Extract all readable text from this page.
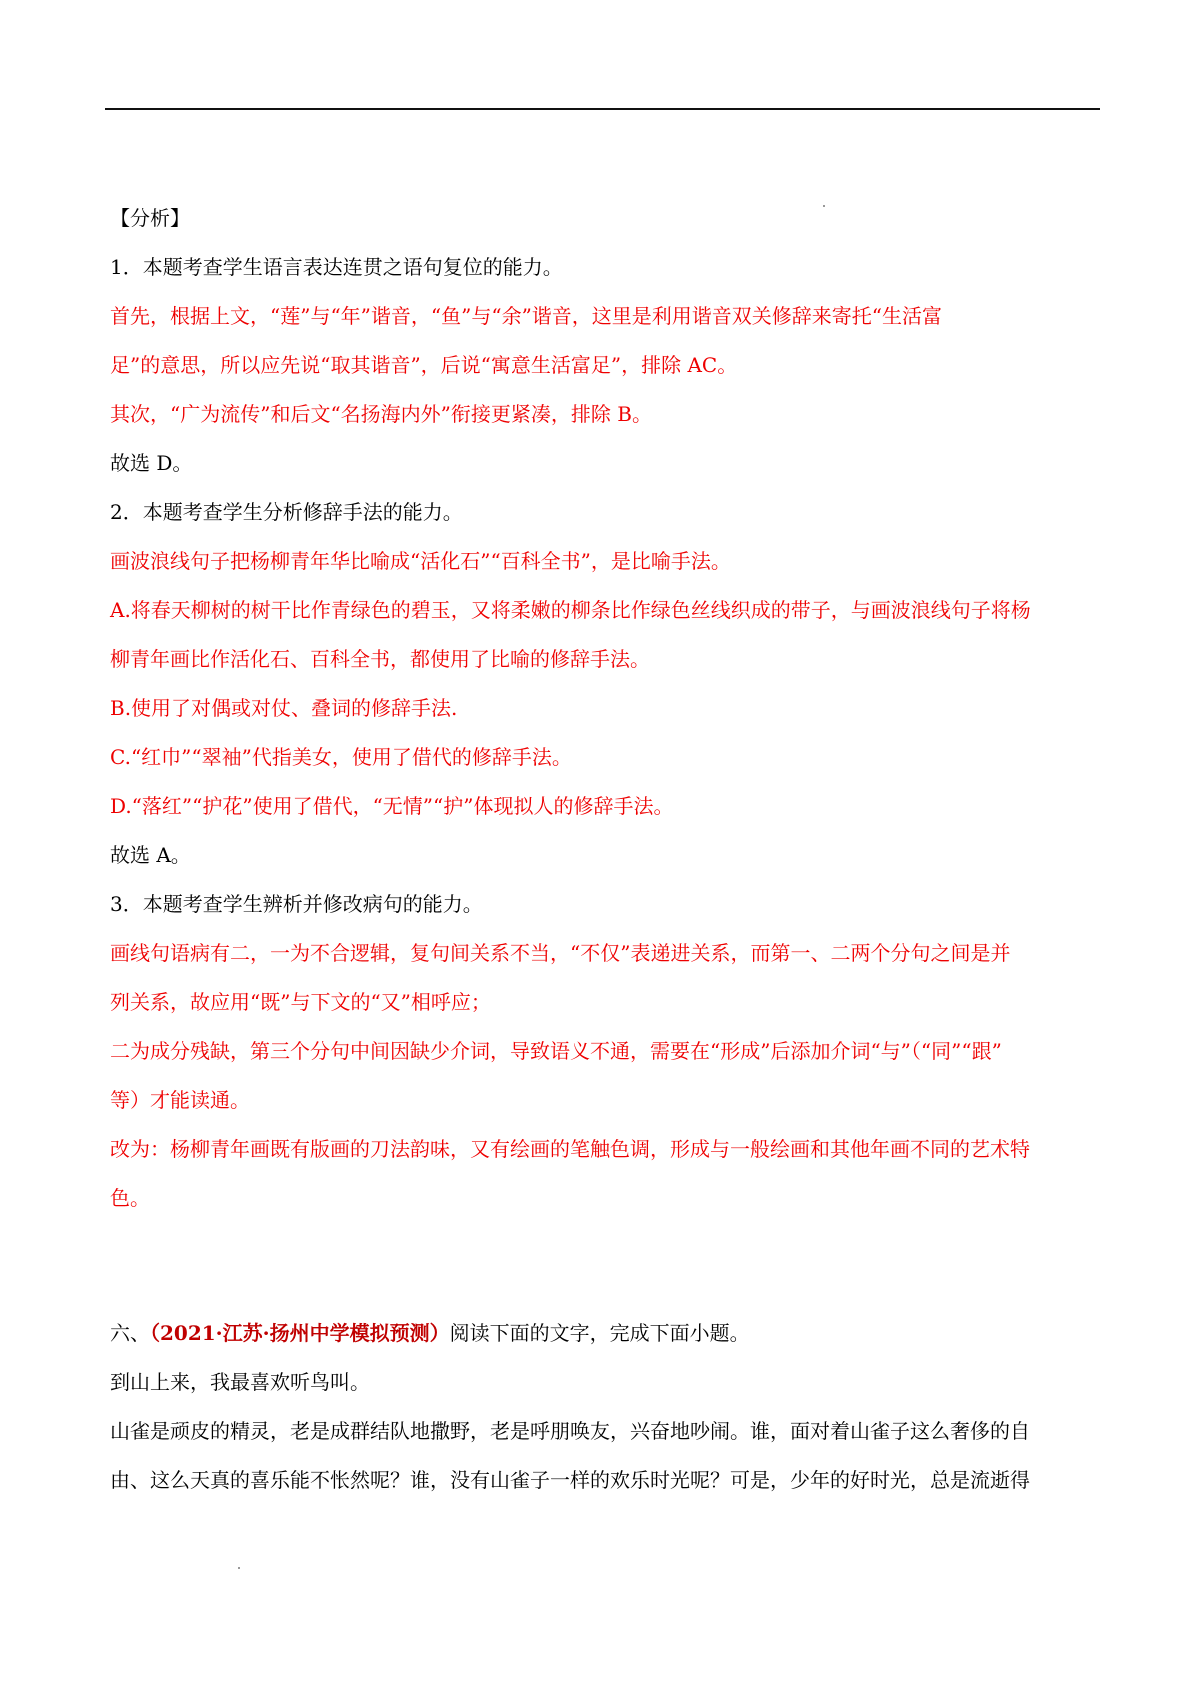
【分析】
1．本题考查学生语言表达连贯之语句复位的能力。
首先，根据上文，“莲”与“年”谐音，“鱼”与“余”谐音，这里是利用谐音双关修辞来寄托“生活富
足”的意思，所以应先说“取其谐音”，后说“寓意生活富足”，排除 AC。
其次，“广为流传”和后文“名扬海内外”衔接更紧凑，排除 B。
故选 D。
2．本题考查学生分析修辞手法的能力。
画波浪线句子把杨柳青年华比喻成“活化石”“百科全书”，是比喻手法。
A.将春天柳树的树干比作青绿色的碧玉，又将柔嫩的柳条比作绿色丝线织成的带子，与画波浪线句子将杨
柳青年画比作活化石、百科全书，都使用了比喻的修辞手法。
B.使用了对偶或对仗、叠词的修辞手法.
C.“红巾”“翠袖”代指美女，使用了借代的修辞手法。
D.“落红”“护花”使用了借代，“无情”“护”体现拟人的修辞手法。
故选 A。
3．本题考查学生辨析并修改病句的能力。
画线句语病有二，一为不合逻辑，复句间关系不当，“不仅”表递进关系，而第一、二两个分句之间是并
列关系，故应用“既”与下文的“又”相呼应；
二为成分残缺，第三个分句中间因缺少介词，导致语义不通，需要在“形成”后添加介词“与”（“同”“跟”
等）才能读通。
改为：杨柳青年画既有版画的刀法韵味，又有绘画的笔触色调，形成与一般绘画和其他年画不同的艺术特
色。
六、（2021·江苏·扬州中学模拟预测）阅读下面的文字，完成下面小题。
到山上来，我最喜欢听鸟叫。
山雀是顽皮的精灵，老是成群结队地撒野，老是呼朋唤友，兴奋地吵闹。谁，面对着山雀子这么奢侈的自
由、这么天真的喜乐能不怅然呢？谁，没有山雀子一样的欢乐时光呢？可是，少年的好时光，总是流逝得
